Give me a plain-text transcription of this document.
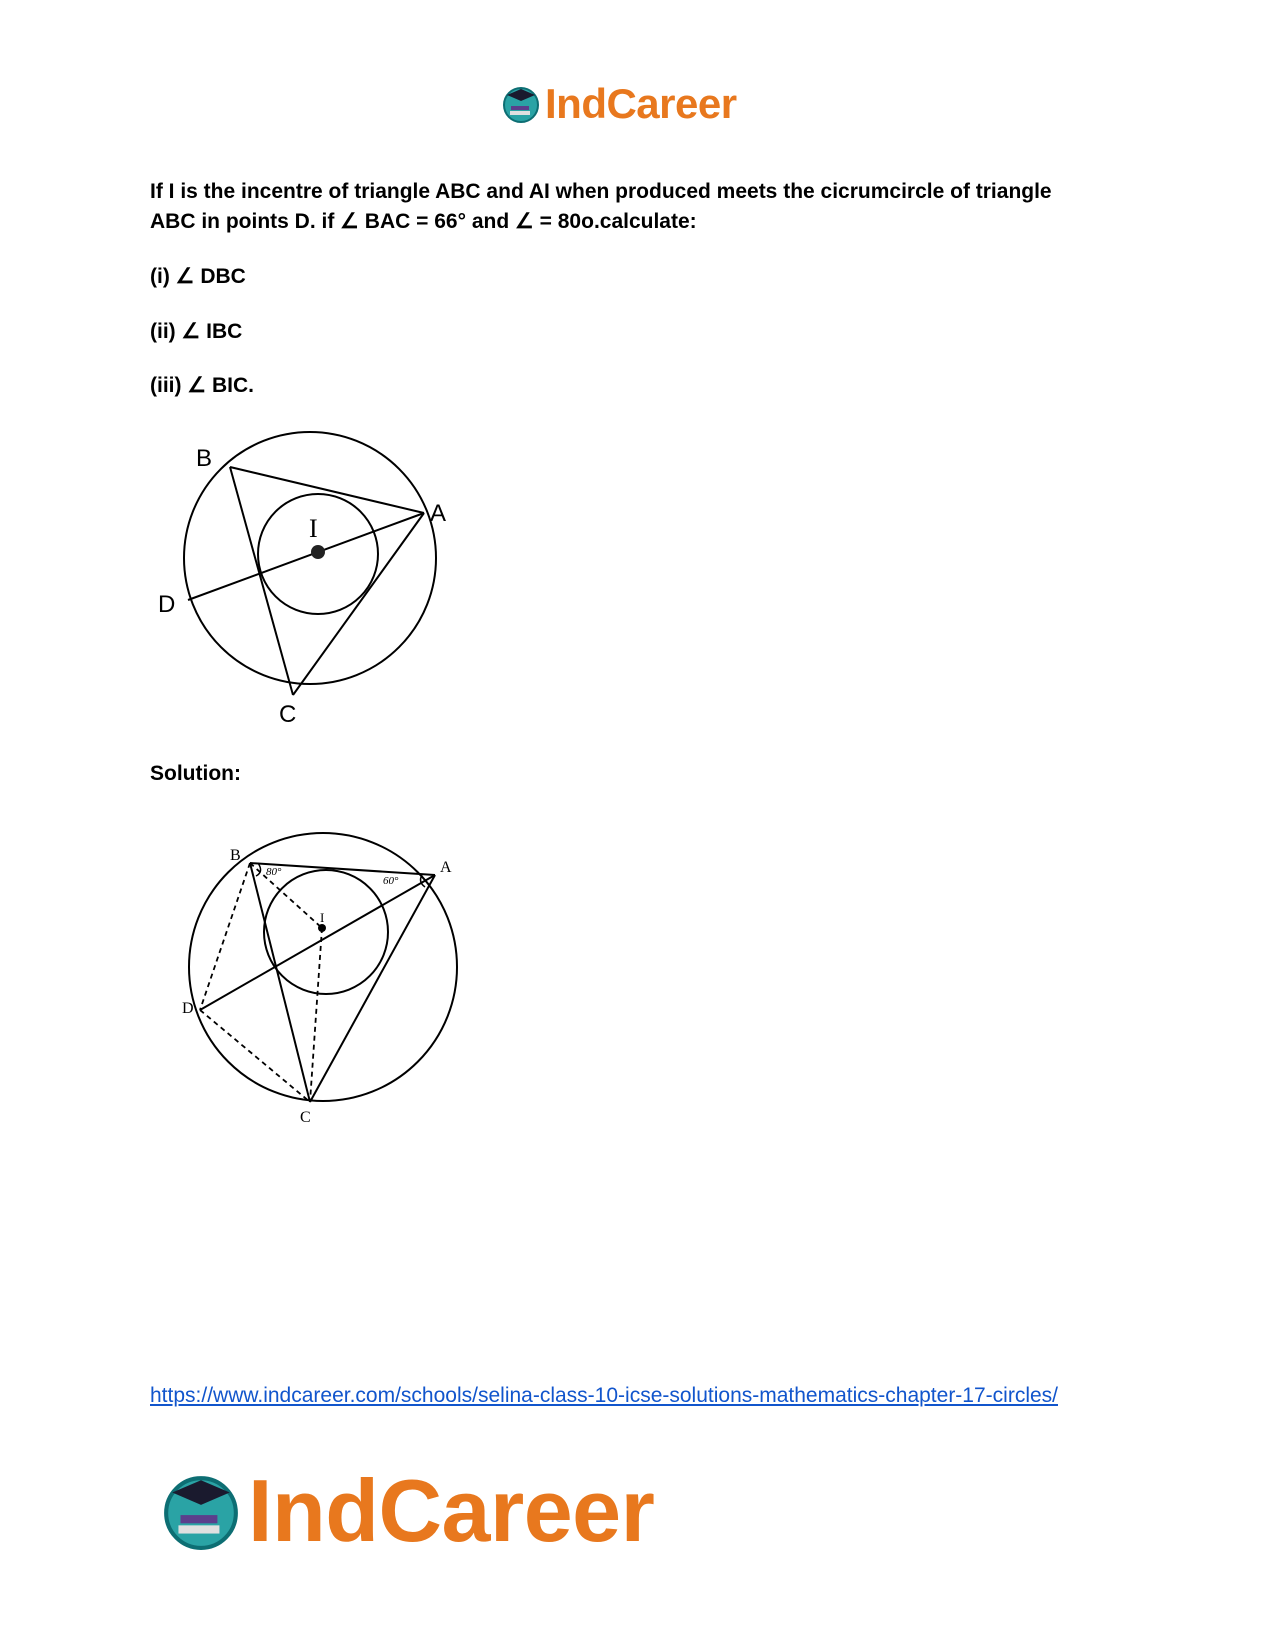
IndCareer

If I is the incentre of triangle ABC and AI when produced meets the cicrumcircle of triangle ABC in points D. if ∠ BAC = 66° and ∠ = 80o.calculate:

(i) ∠ DBC

(ii) ∠ IBC

(iii) ∠ BIC.

B
A
D
C
I

Solution:

80°
60°
B
A
D
C
I
https://www.indcareer.com/schools/selina-class-10-icse-solutions-mathematics-chapter-17-circles/
IndCareer
